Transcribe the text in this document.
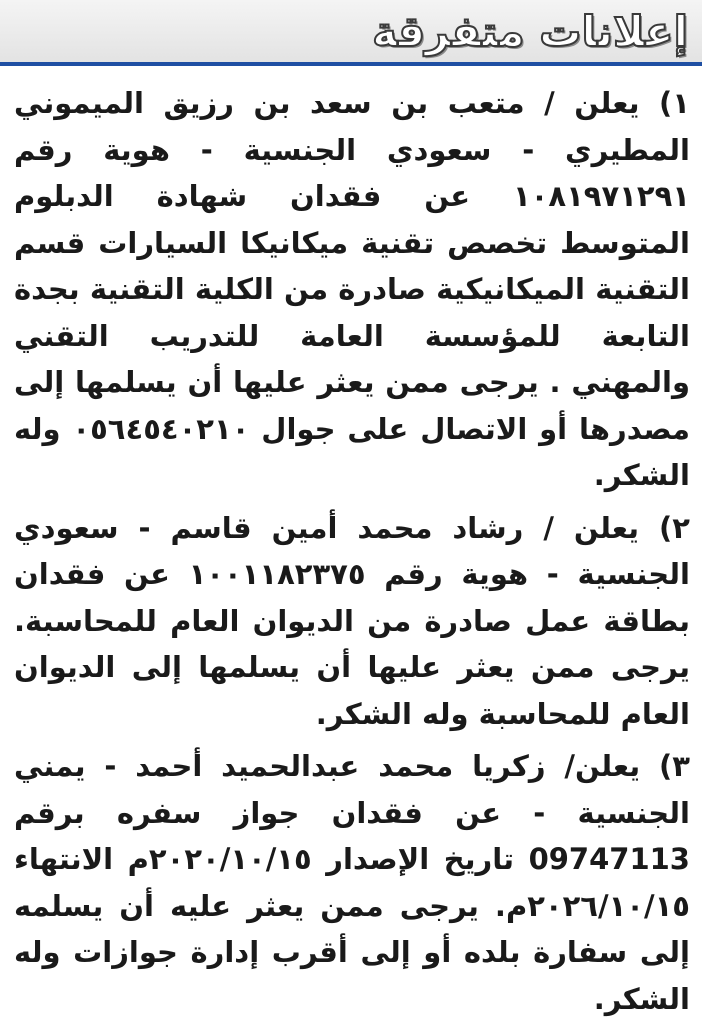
إعلانات متفرقة

١) يعلن / متعب بن سعد بن رزيق الميموني المطيري - سعودي الجنسية - هوية رقم ١٠٨١٩٧١٢٩١ عن فقدان شهادة الدبلوم المتوسط تخصص تقنية ميكانيكا السيارات قسم التقنية الميكانيكية صادرة من الكلية التقنية بجدة التابعة للمؤسسة العامة للتدريب التقني والمهني . يرجى ممن يعثر عليها أن يسلمها إلى مصدرها أو الاتصال على جوال ٠٥٦٤٥٤٠٢١٠ وله الشكر.

٢) يعلن / رشاد محمد أمين قاسم - سعودي الجنسية - هوية رقم ١٠٠١١٨٢٣٧٥ عن فقدان بطاقة عمل صادرة من الديوان العام للمحاسبة. يرجى ممن يعثر عليها أن يسلمها إلى الديوان العام للمحاسبة وله الشكر.

٣) يعلن/ زكريا محمد عبدالحميد أحمد - يمني الجنسية - عن فقدان جواز سفره برقم 09747113 تاريخ الإصدار ٢٠٢٠/١٠/١٥م الانتهاء ٢٠٢٦/١٠/١٥م. يرجى ممن يعثر عليه أن يسلمه إلى سفارة بلده أو إلى أقرب إدارة جوازات وله الشكر.
